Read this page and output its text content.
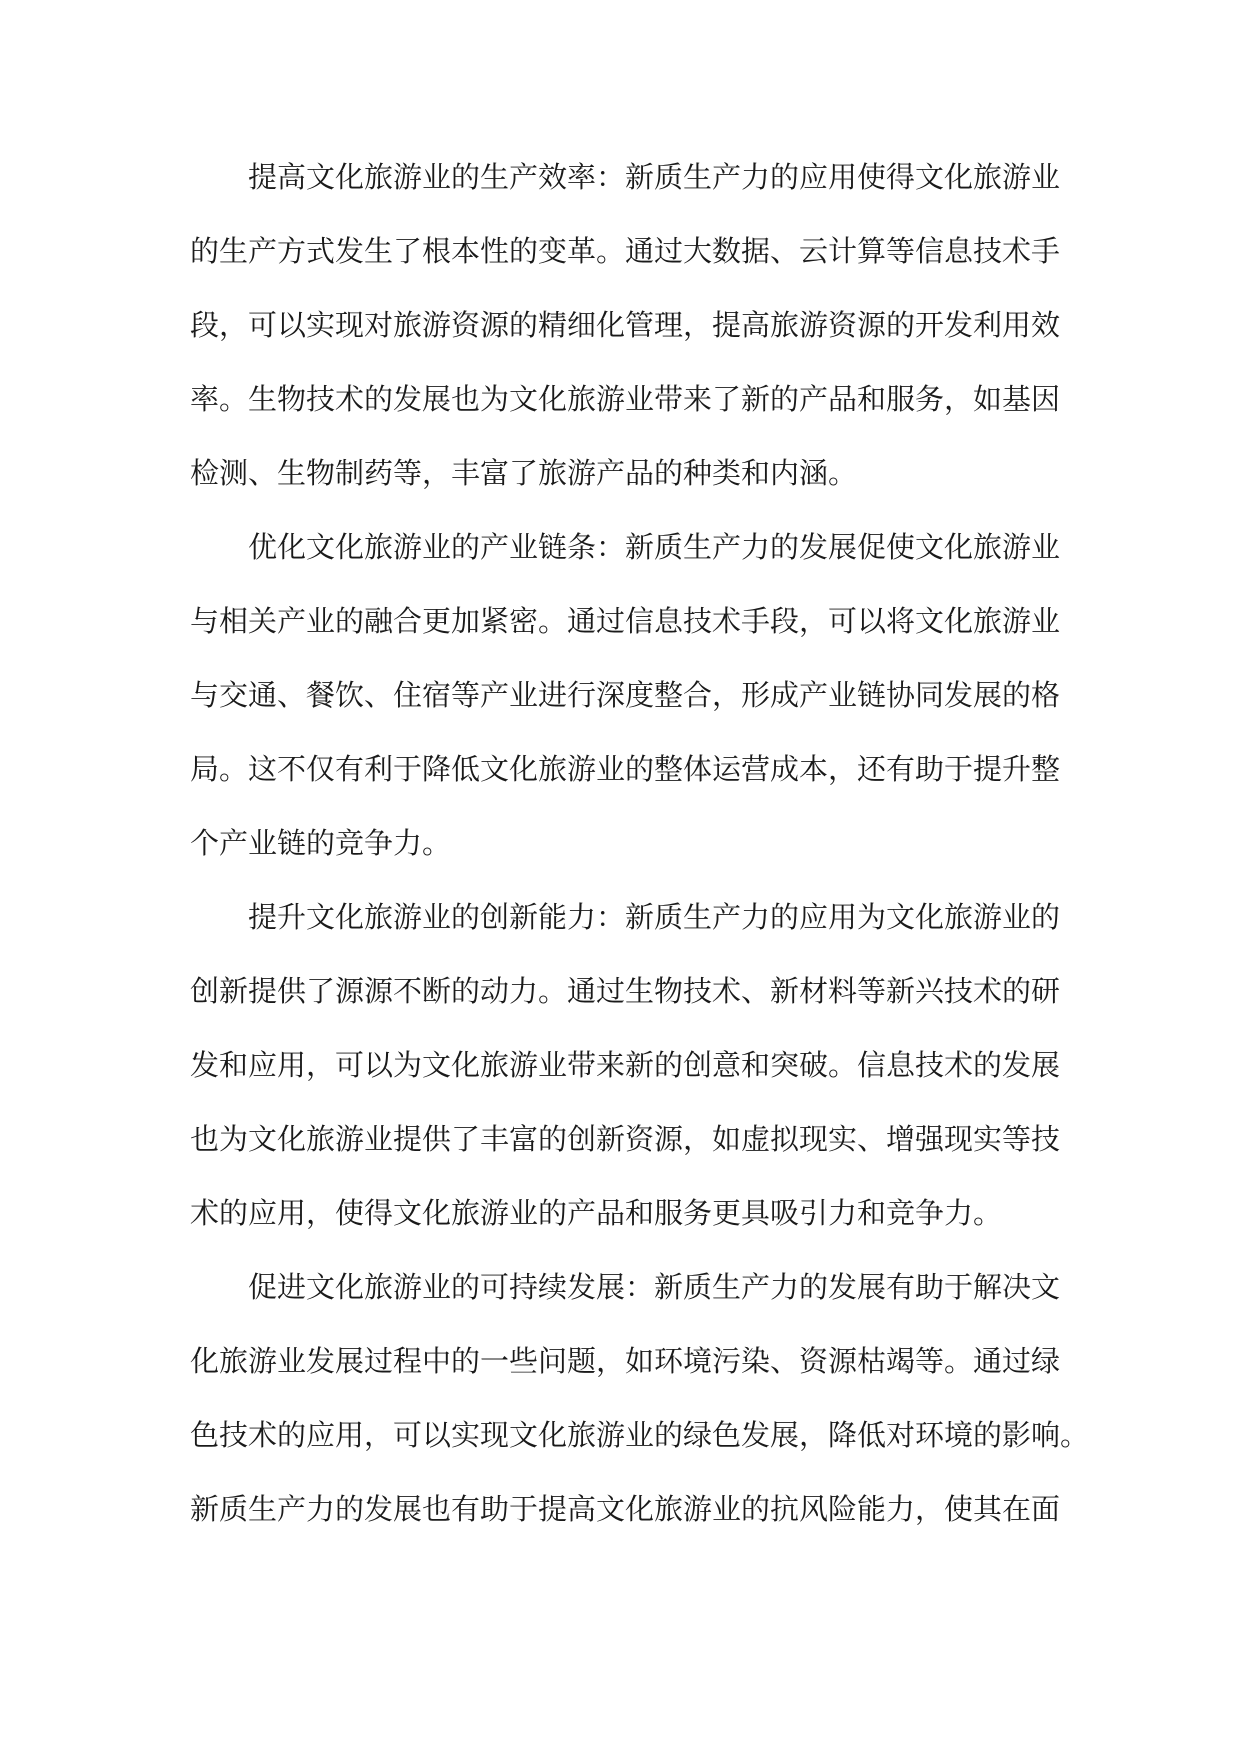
提高文化旅游业的生产效率：新质生产力的应用使得文化旅游业
的生产方式发生了根本性的变革。通过大数据、云计算等信息技术手
段，可以实现对旅游资源的精细化管理，提高旅游资源的开发利用效
率。生物技术的发展也为文化旅游业带来了新的产品和服务，如基因
检测、生物制药等，丰富了旅游产品的种类和内涵。

优化文化旅游业的产业链条：新质生产力的发展促使文化旅游业
与相关产业的融合更加紧密。通过信息技术手段，可以将文化旅游业
与交通、餐饮、住宿等产业进行深度整合，形成产业链协同发展的格
局。这不仅有利于降低文化旅游业的整体运营成本，还有助于提升整
个产业链的竞争力。

提升文化旅游业的创新能力：新质生产力的应用为文化旅游业的
创新提供了源源不断的动力。通过生物技术、新材料等新兴技术的研
发和应用，可以为文化旅游业带来新的创意和突破。信息技术的发展
也为文化旅游业提供了丰富的创新资源，如虚拟现实、增强现实等技
术的应用，使得文化旅游业的产品和服务更具吸引力和竞争力。

促进文化旅游业的可持续发展：新质生产力的发展有助于解决文
化旅游业发展过程中的一些问题，如环境污染、资源枯竭等。通过绿
色技术的应用，可以实现文化旅游业的绿色发展，降低对环境的影响。
新质生产力的发展也有助于提高文化旅游业的抗风险能力，使其在面
